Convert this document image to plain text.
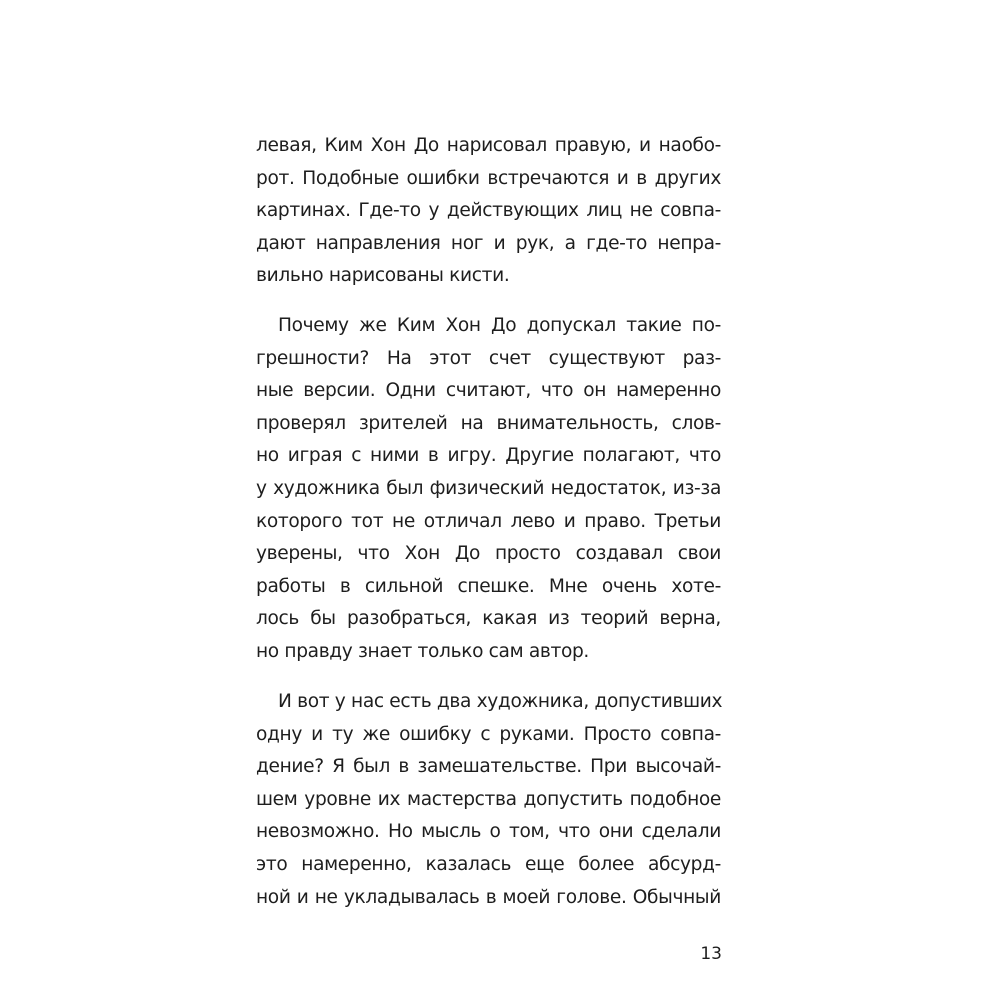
левая, Ким Хон До нарисовал правую, и наобо-
рот. Подобные ошибки встречаются и в других
картинах. Где-то у действующих лиц не совпа-
дают направления ног и рук, а где-то непра-
вильно нарисованы кисти.
Почему же Ким Хон До допускал такие по-
грешности? На этот счет существуют раз-
ные версии. Одни считают, что он намеренно
проверял зрителей на внимательность, слов-
но играя с ними в игру. Другие полагают, что
у художника был физический недостаток, из-за
которого тот не отличал лево и право. Третьи
уверены, что Хон До просто создавал свои
работы в сильной спешке. Мне очень хоте-
лось бы разобраться, какая из теорий верна,
но правду знает только сам автор.
И вот у нас есть два художника, допустивших
одну и ту же ошибку с руками. Просто совпа-
дение? Я был в замешательстве. При высочай-
шем уровне их мастерства допустить подобное
невозможно. Но мысль о том, что они сделали
это намеренно, казалась еще более абсурд-
ной и не укладывалась в моей голове. Обычный
13
